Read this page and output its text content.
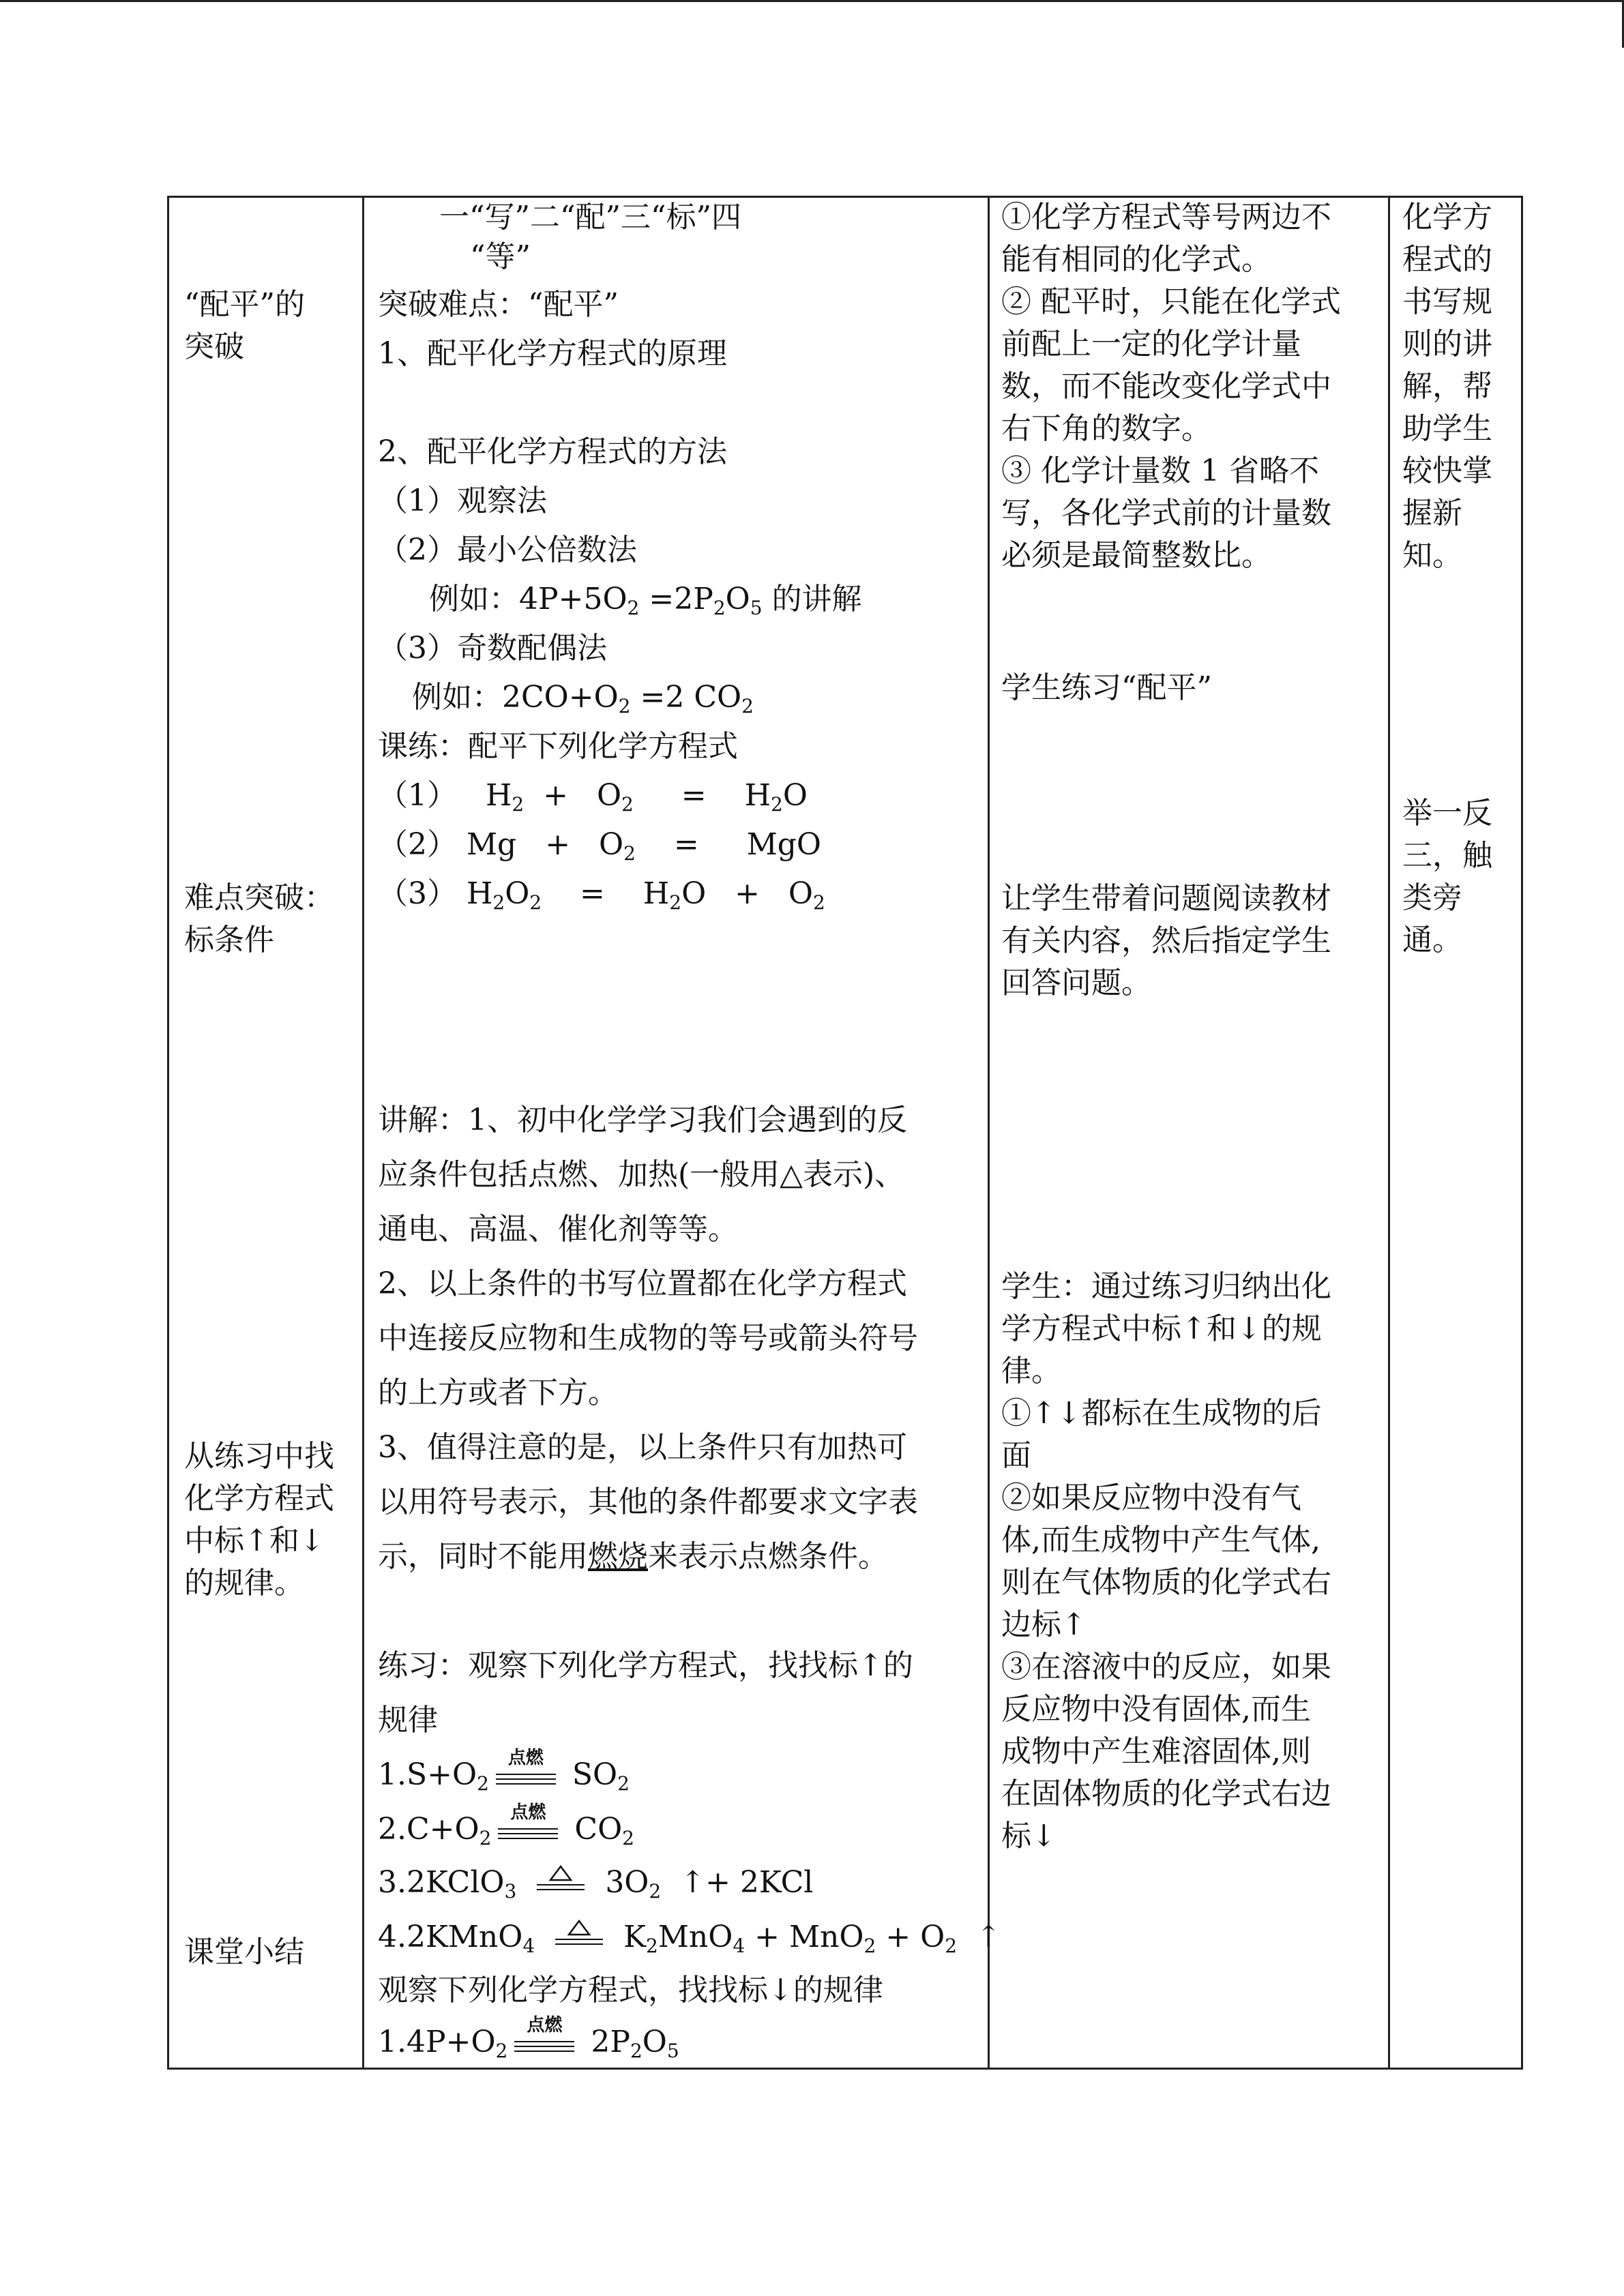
“配平”的
突破
难点突破：
标条件
从练习中找
化学方程式
中标↑和↓
的规律。
课堂小结
一“写”二“配”三“标”四
“等”
突破难点：“配平”
1、配平化学方程式的原理
2、配平化学方程式的方法
（1）观察法
（2）最小公倍数法
例如：$4P+5O_2 =2P_2O_5$ 的讲解
（3）奇数配偶法
例如：$2CO+O_2 =2$ $CO_2$
课练：配平下列化学方程式
（1）   $H_2 + O_2$     =    $H_2O$
（2） $Mg + O_2$ = MgO
（3） $H_2O_2$    =    $H_2O + O_2$
讲解：1、初中化学学习我们会遇到的反
应条件包括点燃、加热(一般用△表示)、
通电、高温、催化剂等等。
2、以上条件的书写位置都在化学方程式
中连接反应物和生成物的等号或箭头符号
的上方或者下方。
3、值得注意的是，以上条件只有加热可
以用符号表示，其他的条件都要求文字表
示，同时不能用燃烧来表示点燃条件。
练习：观察下列化学方程式，找找标↑的
规律
$1.S+O_2$
点燃 $SO_2$
$2.C+O_2$
点燃 $CO_2$
3.2KClO$_3$	$3O_2$ ↑+ 2KCl
4.2KMnO$_4$	$K_2MnO_4 + MnO_2 + O_2$ ↑
观察下列化学方程式，找找标↓的规律
$1.4P+O_2$
点燃 $2P_2O_5$
①化学方程式等号两边不
能有相同的化学式。
② 配平时，只能在化学式
前配上一定的化学计量
数，而不能改变化学式中
右下角的数字。
③ 化学计量数 1 省略不
写，各化学式前的计量数
必须是最简整数比。
学生练习“配平”
让学生带着问题阅读教材
有关内容，然后指定学生
回答问题。
学生：通过练习归纳出化
学方程式中标↑和↓的规
律。
①↑↓都标在生成物的后
面
②如果反应物中没有气
体,而生成物中产生气体,
则在气体物质的化学式右
边标↑
③在溶液中的反应，如果
反应物中没有固体,而生
成物中产生难溶固体,则
在固体物质的化学式右边
标↓
化学方
程式的
书写规
则的讲
解，帮
助学生
较快掌
握新
知。
举一反
三，触
类旁
通。
